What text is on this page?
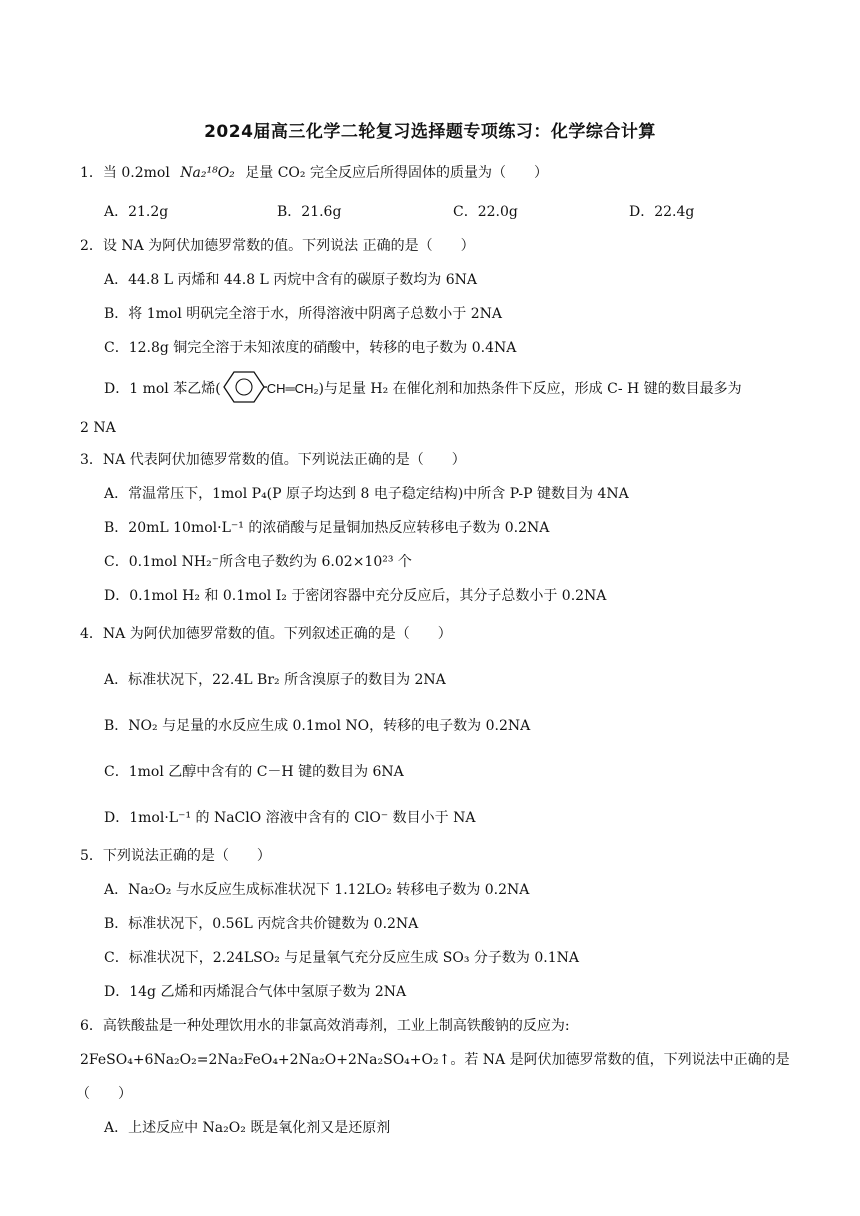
2024届高三化学二轮复习选择题专项练习：化学综合计算
1．当 0.2mol Na₂¹⁸O₂ 足量 CO₂ 完全反应后所得固体的质量为（　　）
A．21.2g	B．21.6g	C．22.0g	D．22.4g
2．设 NA 为阿伏加德罗常数的值。下列说法 正确的是（　　）
A．44.8 L 丙烯和 44.8 L 丙烷中含有的碳原子数均为 6NA
B．将 1mol 明矾完全溶于水，所得溶液中阴离子总数小于 2NA
C．12.8g 铜完全溶于未知浓度的硝酸中，转移的电子数为 0.4NA
D．1 mol 苯乙烯(	CH═CH₂)与足量 H₂ 在催化剂和加热条件下反应，形成 C- H 键的数目最多为
2 NA
3．NA 代表阿伏加德罗常数的值。下列说法正确的是（　　）
A．常温常压下，1mol P₄(P 原子均达到 8 电子稳定结构)中所含 P-P 键数目为 4NA
B．20mL 10mol·L⁻¹ 的浓硝酸与足量铜加热反应转移电子数为 0.2NA
C．0.1mol NH₂⁻所含电子数约为 6.02×10²³ 个
D．0.1mol H₂ 和 0.1mol I₂ 于密闭容器中充分反应后，其分子总数小于 0.2NA
4．NA 为阿伏加德罗常数的值。下列叙述正确的是（　　）
A．标准状况下，22.4L Br₂ 所含溴原子的数目为 2NA
B．NO₂ 与足量的水反应生成 0.1mol NO，转移的电子数为 0.2NA
C．1mol 乙醇中含有的 C－H 键的数目为 6NA
D．1mol·L⁻¹ 的 NaClO 溶液中含有的 ClO⁻ 数目小于 NA
5．下列说法正确的是（　　）
A．Na₂O₂ 与水反应生成标准状况下 1.12LO₂ 转移电子数为 0.2NA
B．标准状况下，0.56L 丙烷含共价键数为 0.2NA
C．标准状况下，2.24LSO₂ 与足量氧气充分反应生成 SO₃ 分子数为 0.1NA
D．14g 乙烯和丙烯混合气体中氢原子数为 2NA
6．高铁酸盐是一种处理饮用水的非氯高效消毒剂，工业上制高铁酸钠的反应为:
2FeSO₄+6Na₂O₂=2Na₂FeO₄+2Na₂O+2Na₂SO₄+O₂↑。若 NA 是阿伏加德罗常数的值，下列说法中正确的是
（　　）
A．上述反应中 Na₂O₂ 既是氧化剂又是还原剂
